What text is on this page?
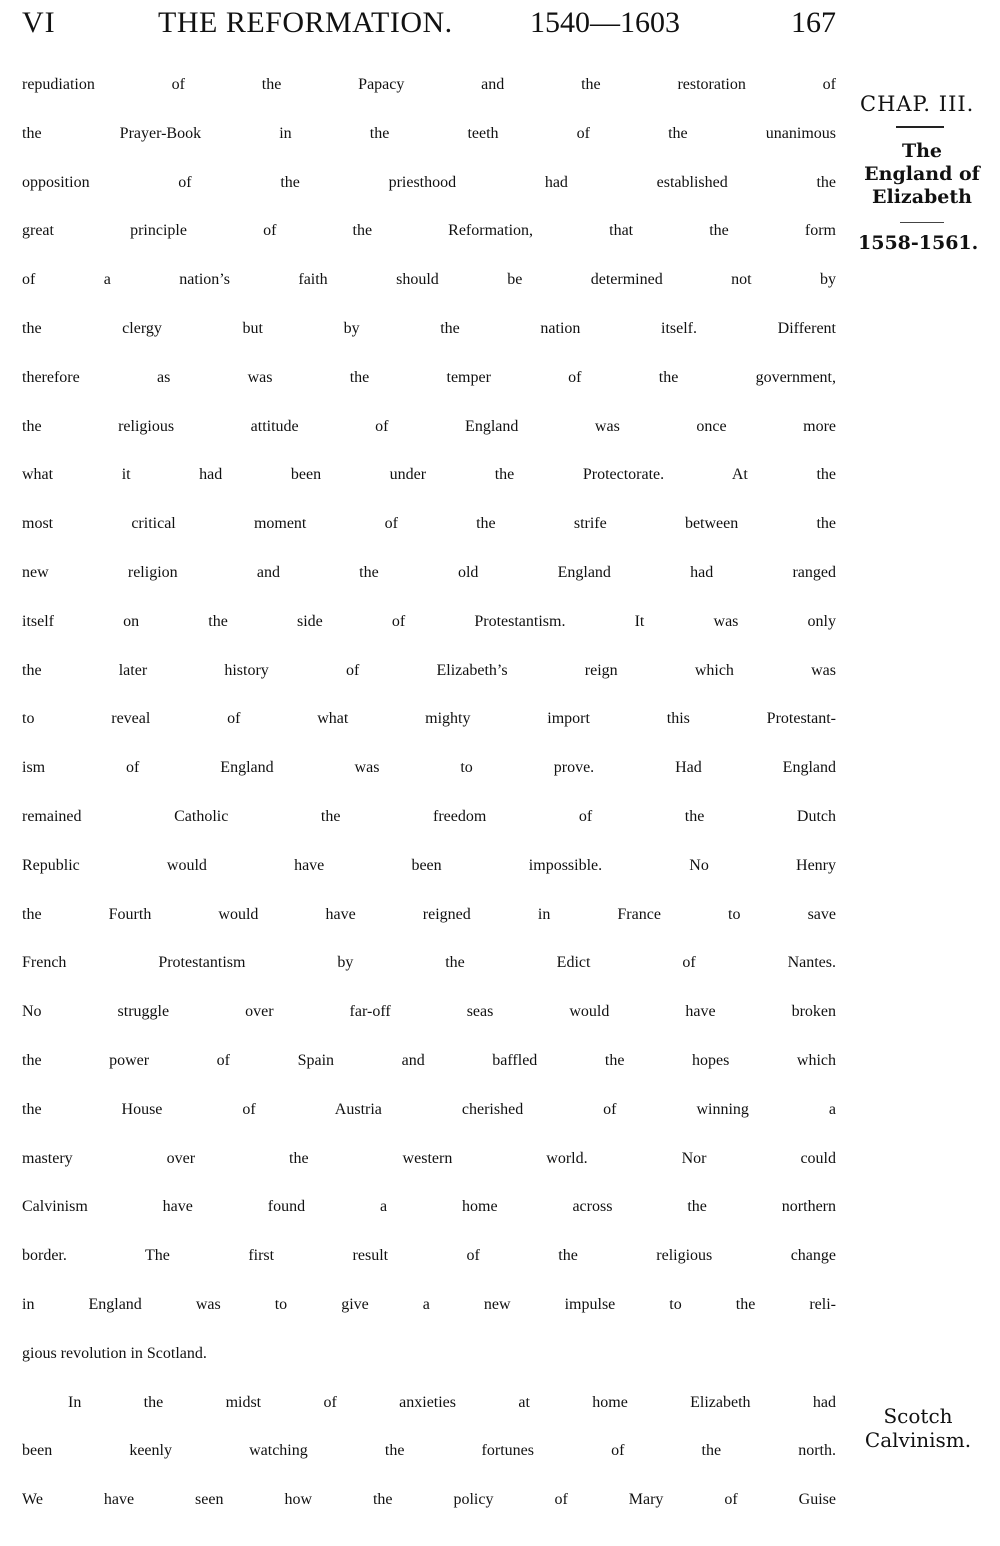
VI	THE REFORMATION.	1540—1603	167
repudiation of the Papacy and the restoration of
the Prayer-Book in the teeth of the unanimous
opposition of the priesthood had established the
great principle of the Reformation, that the form
of a nation’s faith should be determined not by
the clergy but by the nation itself. Different
therefore as was the temper of the government,
the religious attitude of England was once more
what it had been under the Protectorate. At the
most critical moment of the strife between the
new religion and the old England had ranged
itself on the side of Protestantism. It was only
the later history of Elizabeth’s reign which was
to reveal of what mighty import this Protestant-
ism of England was to prove. Had England
remained Catholic the freedom of the Dutch
Republic would have been impossible. No Henry
the Fourth would have reigned in France to save
French Protestantism by the Edict of Nantes.
No struggle over far-off seas would have broken
the power of Spain and baffled the hopes which
the House of Austria cherished of winning a
mastery over the western world. Nor could
Calvinism have found a home across the northern
border. The first result of the religious change
in England was to give a new impulse to the reli-
gious revolution in Scotland.
In the midst of anxieties at home Elizabeth had
been keenly watching the fortunes of the north.
We have seen how the policy of Mary of Guise
CHAP. III.
The
England of
Elizabeth
1558-1561.
Scotch
Calvinism.
